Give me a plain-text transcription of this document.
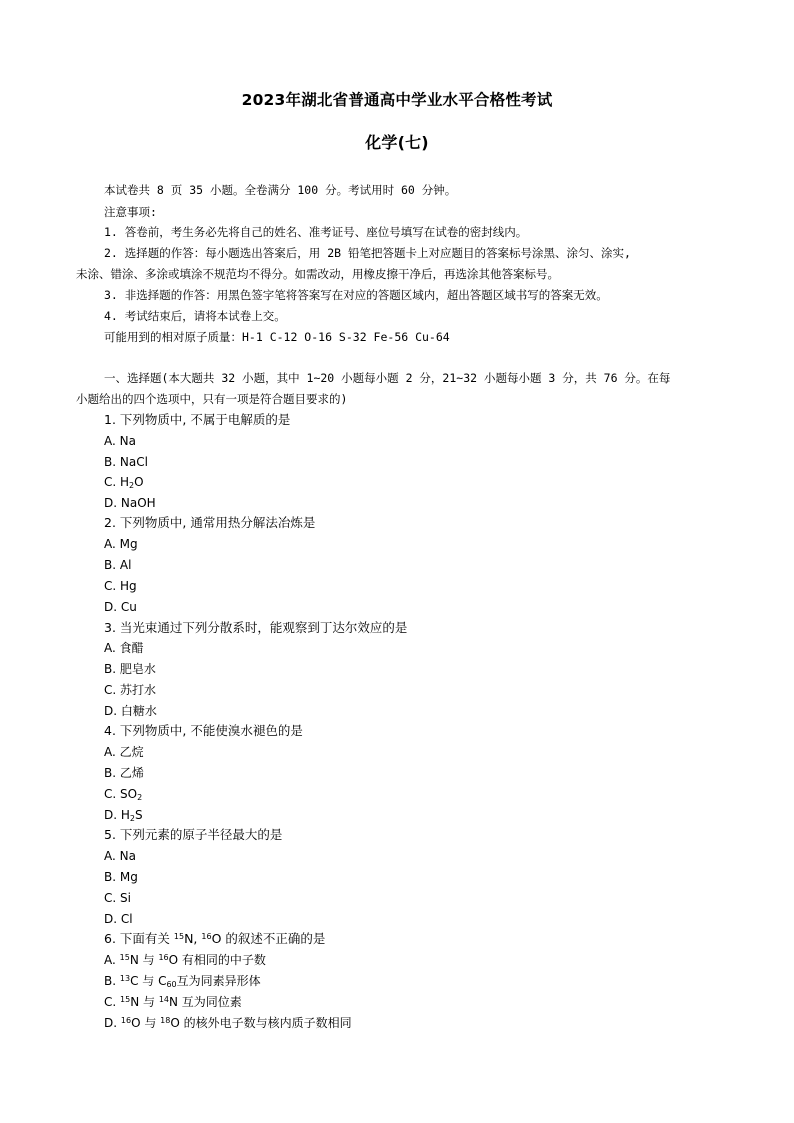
2023年湖北省普通高中学业水平合格性考试
化学(七)
本试卷共 8 页 35 小题。全卷满分 100 分。考试用时 60 分钟。
注意事项:
1. 答卷前，考生务必先将自己的姓名、准考证号、座位号填写在试卷的密封线内。
2. 选择题的作答：每小题选出答案后，用 2B 铅笔把答题卡上对应题目的答案标号涂黑、涂匀、涂实,
未涂、错涂、多涂或填涂不规范均不得分。如需改动，用橡皮擦干净后，再选涂其他答案标号。
3. 非选择题的作答：用黑色签字笔将答案写在对应的答题区域内，超出答题区域书写的答案无效。
4. 考试结束后，请将本试卷上交。
可能用到的相对原子质量：H-1 C-12 O-16 S-32 Fe-56 Cu-64
一、选择题(本大题共 32 小题，其中 1~20 小题每小题 2 分，21~32 小题每小题 3 分，共 76 分。在每
小题给出的四个选项中，只有一项是符合题目要求的)
1. 下列物质中, 不属于电解质的是
A. Na
B. NaCl
C. $H_2O$
D. NaOH
2. 下列物质中, 通常用热分解法冶炼是
A. Mg
B. Al
C. Hg
D. Cu
3. 当光束通过下列分散系时，能观察到丁达尔效应的是
A. 食醋
B. 肥皂水
C. 苏打水
D. 白糖水
4. 下列物质中, 不能使溴水褪色的是
A. 乙烷
B. 乙烯
C. $SO_2$
D. $H_2S$
5. 下列元素的原子半径最大的是
A. Na
B. Mg
C. Si
D. Cl
6. 下面有关 $^{15}$N, $^{16}$O 的叙述不正确的是
A. $^{15}$N 与 $^{16}$O 有相同的中子数
B. $^{13}$C 与 $C_{60}$互为同素异形体
C. $^{15}$N 与 $^{14}$N 互为同位素
D. $^{16}$O 与 $^{18}$O 的核外电子数与核内质子数相同
